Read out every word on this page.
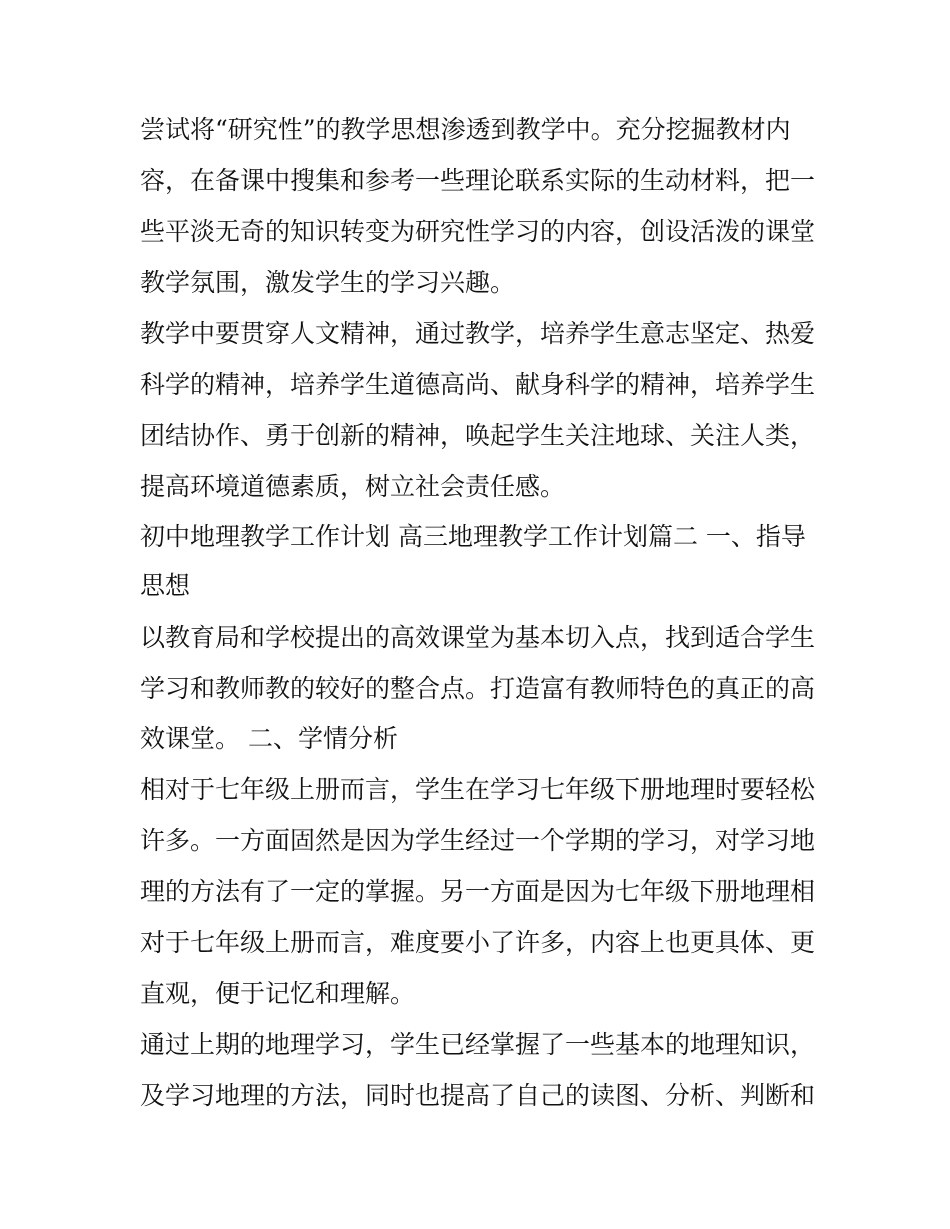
尝试将“研究性”的教学思想渗透到教学中。充分挖掘教材内

容，在备课中搜集和参考一些理论联系实际的生动材料，把一

些平淡无奇的知识转变为研究性学习的内容，创设活泼的课堂

教学氛围，激发学生的学习兴趣。

教学中要贯穿人文精神，通过教学，培养学生意志坚定、热爱

科学的精神，培养学生道德高尚、献身科学的精神，培养学生

团结协作、勇于创新的精神，唤起学生关注地球、关注人类，

提高环境道德素质，树立社会责任感。

初中地理教学工作计划 高三地理教学工作计划篇二 一、指导

思想

以教育局和学校提出的高效课堂为基本切入点，找到适合学生

学习和教师教的较好的整合点。打造富有教师特色的真正的高

效课堂。 二、学情分析

相对于七年级上册而言，学生在学习七年级下册地理时要轻松

许多。一方面固然是因为学生经过一个学期的学习，对学习地

理的方法有了一定的掌握。另一方面是因为七年级下册地理相

对于七年级上册而言，难度要小了许多，内容上也更具体、更

直观，便于记忆和理解。

通过上期的地理学习，学生已经掌握了一些基本的地理知识，

及学习地理的方法，同时也提高了自己的读图、分析、判断和
